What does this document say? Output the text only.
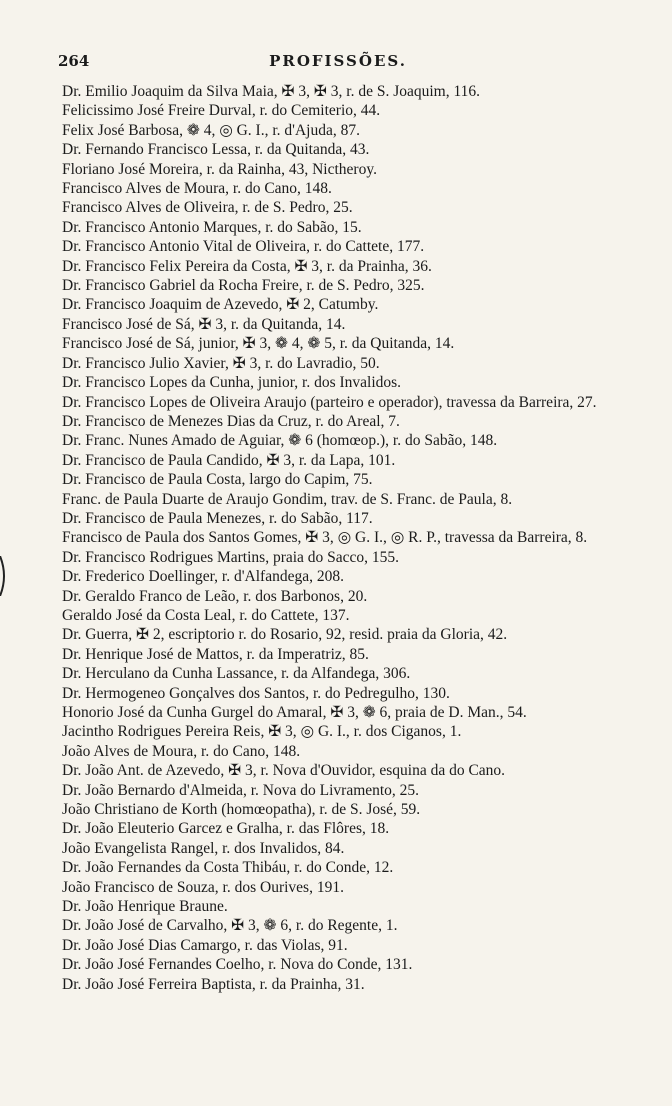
264	PROFISSÕES.
Dr. Emilio Joaquim da Silva Maia, ✠ 3, ✠ 3, r. de S. Joaquim, 116.
Felicissimo José Freire Durval, r. do Cemiterio, 44.
Felix José Barbosa, ❁ 4, ◎ G. I., r. d'Ajuda, 87.
Dr. Fernando Francisco Lessa, r. da Quitanda, 43.
Floriano José Moreira, r. da Rainha, 43, Nictheroy.
Francisco Alves de Moura, r. do Cano, 148.
Francisco Alves de Oliveira, r. de S. Pedro, 25.
Dr. Francisco Antonio Marques, r. do Sabão, 15.
Dr. Francisco Antonio Vital de Oliveira, r. do Cattete, 177.
Dr. Francisco Felix Pereira da Costa, ✠ 3, r. da Prainha, 36.
Dr. Francisco Gabriel da Rocha Freire, r. de S. Pedro, 325.
Dr. Francisco Joaquim de Azevedo, ✠ 2, Catumby.
Francisco José de Sá, ✠ 3, r. da Quitanda, 14.
Francisco José de Sá, junior, ✠ 3, ❁ 4, ❁ 5, r. da Quitanda, 14.
Dr. Francisco Julio Xavier, ✠ 3, r. do Lavradio, 50.
Dr. Francisco Lopes da Cunha, junior, r. dos Invalidos.
Dr. Francisco Lopes de Oliveira Araujo (parteiro e operador), travessa da Barreira, 27.
Dr. Francisco de Menezes Dias da Cruz, r. do Areal, 7.
Dr. Franc. Nunes Amado de Aguiar, ❁ 6 (homœop.), r. do Sabão, 148.
Dr. Francisco de Paula Candido, ✠ 3, r. da Lapa, 101.
Dr. Francisco de Paula Costa, largo do Capim, 75.
Franc. de Paula Duarte de Araujo Gondim, trav. de S. Franc. de Paula, 8.
Dr. Francisco de Paula Menezes, r. do Sabão, 117.
Francisco de Paula dos Santos Gomes, ✠ 3, ◎ G. I., ◎ R. P., travessa da Barreira, 8.
Dr. Francisco Rodrigues Martins, praia do Sacco, 155.
Dr. Frederico Doellinger, r. d'Alfandega, 208.
Dr. Geraldo Franco de Leão, r. dos Barbonos, 20.
Geraldo José da Costa Leal, r. do Cattete, 137.
Dr. Guerra, ✠ 2, escriptorio r. do Rosario, 92, resid. praia da Gloria, 42.
Dr. Henrique José de Mattos, r. da Imperatriz, 85.
Dr. Herculano da Cunha Lassance, r. da Alfandega, 306.
Dr. Hermogeneo Gonçalves dos Santos, r. do Pedregulho, 130.
Honorio José da Cunha Gurgel do Amaral, ✠ 3, ❁ 6, praia de D. Man., 54.
Jacintho Rodrigues Pereira Reis, ✠ 3, ◎ G. I., r. dos Ciganos, 1.
João Alves de Moura, r. do Cano, 148.
Dr. João Ant. de Azevedo, ✠ 3, r. Nova d'Ouvidor, esquina da do Cano.
Dr. João Bernardo d'Almeida, r. Nova do Livramento, 25.
João Christiano de Korth (homœopatha), r. de S. José, 59.
Dr. João Eleuterio Garcez e Gralha, r. das Flôres, 18.
João Evangelista Rangel, r. dos Invalidos, 84.
Dr. João Fernandes da Costa Thibáu, r. do Conde, 12.
João Francisco de Souza, r. dos Ourives, 191.
Dr. João Henrique Braune.
Dr. João José de Carvalho, ✠ 3, ❁ 6, r. do Regente, 1.
Dr. João José Dias Camargo, r. das Violas, 91.
Dr. João José Fernandes Coelho, r. Nova do Conde, 131.
Dr. João José Ferreira Baptista, r. da Prainha, 31.
